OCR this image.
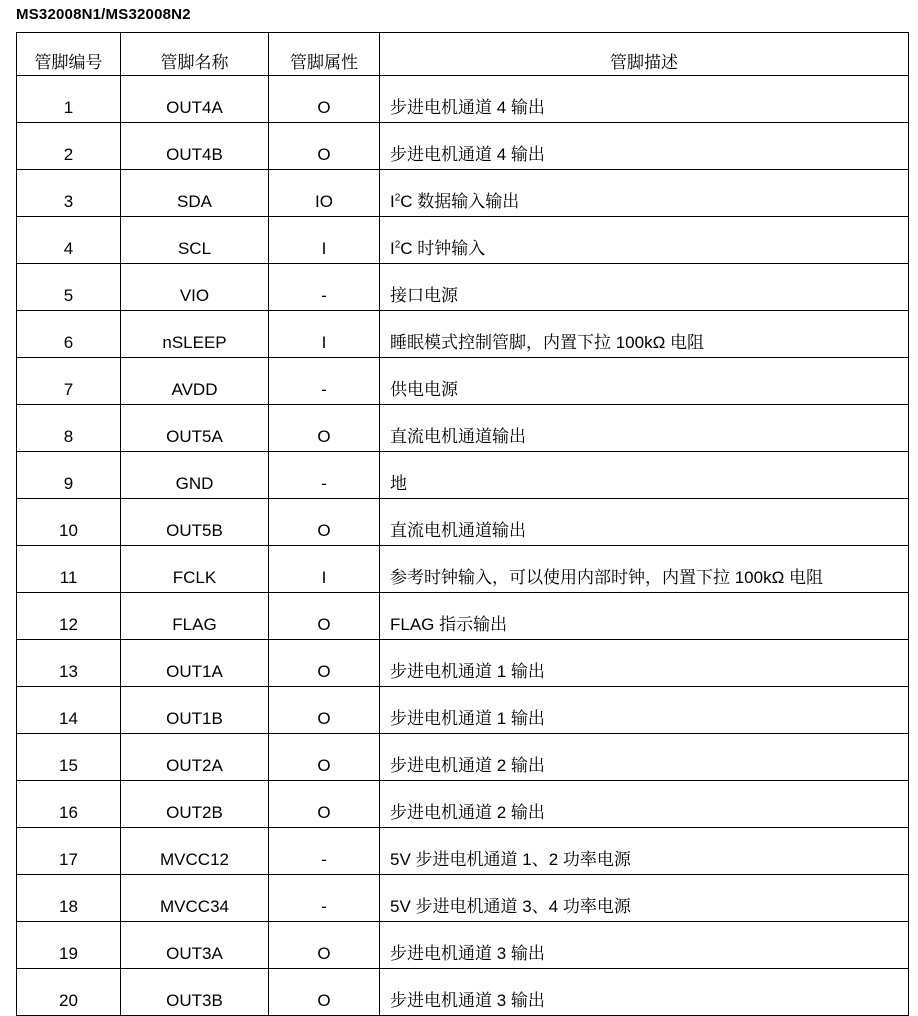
MS32008N1/MS32008N2
管脚编号	管脚名称	管脚属性	管脚描述
1	OUT4A	O	步进电机通道 4 输出
2	OUT4B	O	步进电机通道 4 输出
3	SDA	IO	$I^2C$ 数据输入输出
4	SCL	I	$I^2C$ 时钟输入
5	VIO	-	接口电源
6	nSLEEP	I	睡眠模式控制管脚，内置下拉 100kΩ 电阻
7	AVDD	-	供电电源
8	OUT5A	O	直流电机通道输出
9	GND	-	地
10	OUT5B	O	直流电机通道输出
11	FCLK	I	参考时钟输入，可以使用内部时钟，内置下拉 100kΩ 电阻
12	FLAG	O	FLAG 指示输出
13	OUT1A	O	步进电机通道 1 输出
14	OUT1B	O	步进电机通道 1 输出
15	OUT2A	O	步进电机通道 2 输出
16	OUT2B	O	步进电机通道 2 输出
17	MVCC12	-	5V 步进电机通道 1、2 功率电源
18	MVCC34	-	5V 步进电机通道 3、4 功率电源
19	OUT3A	O	步进电机通道 3 输出
20	OUT3B	O	步进电机通道 3 输出
